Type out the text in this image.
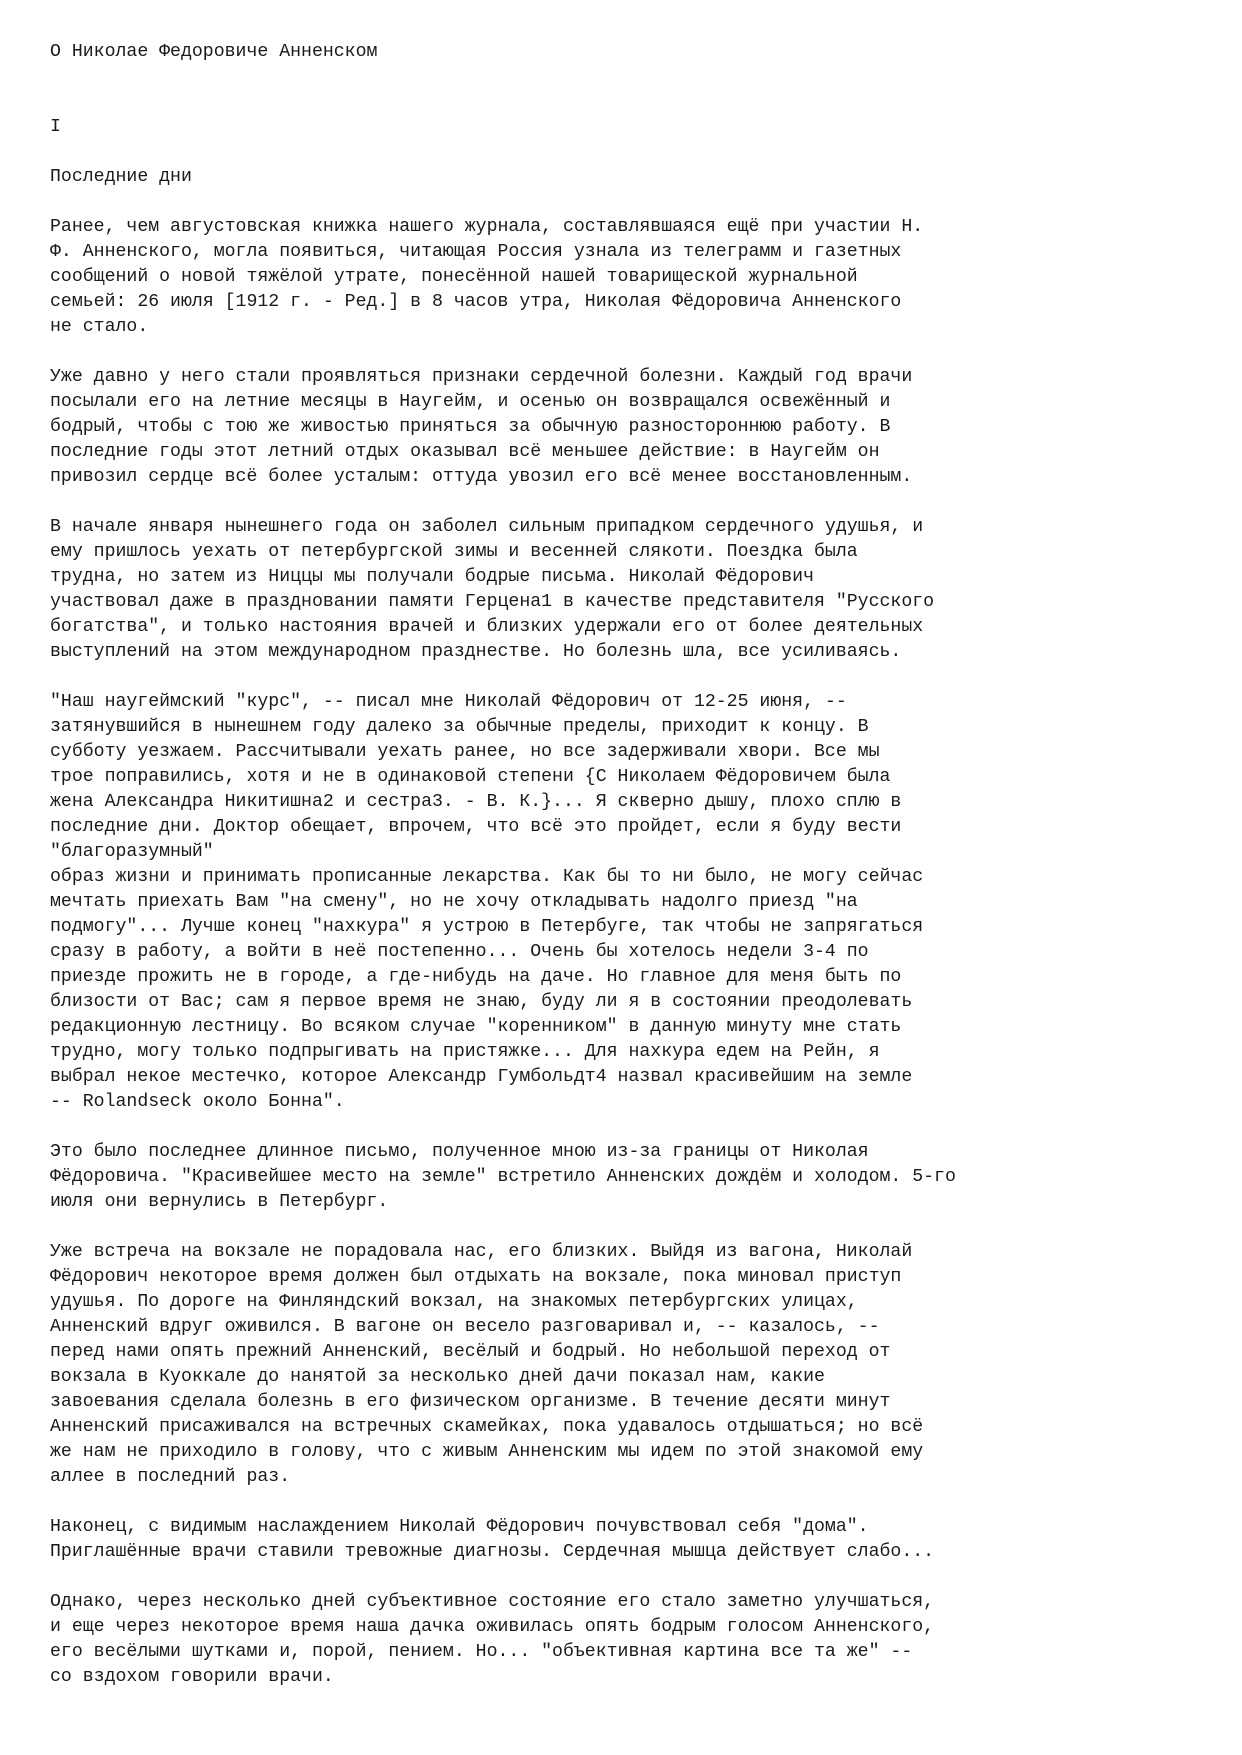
О Николае Федоровиче Анненском
I
Последние дни
Ранее, чем августовская книжка нашего журнала, составлявшаяся ещё при участии Н.
Ф. Анненского, могла появиться, читающая Россия узнала из телеграмм и газетных
сообщений о новой тяжёлой утрате, понесённой нашей товарищеской журнальной
семьей: 26 июля [1912 г. - Ред.] в 8 часов утра, Николая Фёдоровича Анненского
не стало.
Уже давно у него стали проявляться признаки сердечной болезни. Каждый год врачи
посылали его на летние месяцы в Наугейм, и осенью он возвращался освежённый и
бодрый, чтобы с тою же живостью приняться за обычную разностороннюю работу. В
последние годы этот летний отдых оказывал всё меньшее действие: в Наугейм он
привозил сердце всё более усталым: оттуда увозил его всё менее восстановленным.
В начале января нынешнего года он заболел сильным припадком сердечного удушья, и
ему пришлось уехать от петербургской зимы и весенней слякоти. Поездка была
трудна, но затем из Ниццы мы получали бодрые письма. Николай Фёдорович
участвовал даже в праздновании памяти Герцена1 в качестве представителя "Русского
богатства", и только настояния врачей и близких удержали его от более деятельных
выступлений на этом международном празднестве. Но болезнь шла, все усиливаясь.
"Наш наугеймский "курс", -- писал мне Николай Фёдорович от 12-25 июня, --
затянувшийся в нынешнем году далеко за обычные пределы, приходит к концу. В
субботу уезжаем. Рассчитывали уехать ранее, но все задерживали хвори. Все мы
трое поправились, хотя и не в одинаковой степени {С Николаем Фёдоровичем была
жена Александра Никитишна2 и сестра3. - В. К.}... Я скверно дышу, плохо сплю в
последние дни. Доктор обещает, впрочем, что всё это пройдет, если я буду вести
"благоразумный"
образ жизни и принимать прописанные лекарства. Как бы то ни было, не могу сейчас
мечтать приехать Вам "на смену", но не хочу откладывать надолго приезд "на
подмогу"... Лучше конец "нахкура" я устрою в Петербуге, так чтобы не запрягаться
сразу в работу, а войти в неё постепенно... Очень бы хотелось недели 3-4 по
приезде прожить не в городе, а где-нибудь на даче. Но главное для меня быть по
близости от Вас; сам я первое время не знаю, буду ли я в состоянии преодолевать
редакционную лестницу. Во всяком случае "коренником" в данную минуту мне стать
трудно, могу только подпрыгивать на пристяжке... Для нахкура едем на Рейн, я
выбрал некое местечко, которое Александр Гумбольдт4 назвал красивейшим на земле
-- Rolandseck около Бонна".
Это было последнее длинное письмо, полученное мною из-за границы от Николая
Фёдоровича. "Красивейшее место на земле" встретило Анненских дождём и холодом. 5-го
июля они вернулись в Петербург.
Уже встреча на вокзале не порадовала нас, его близких. Выйдя из вагона, Николай
Фёдорович некоторое время должен был отдыхать на вокзале, пока миновал приступ
удушья. По дороге на Финляндский вокзал, на знакомых петербургских улицах,
Анненский вдруг оживился. В вагоне он весело разговаривал и, -- казалось, --
перед нами опять прежний Анненский, весёлый и бодрый. Но небольшой переход от
вокзала в Куоккале до нанятой за несколько дней дачи показал нам, какие
завоевания сделала болезнь в его физическом организме. В течение десяти минут
Анненский присаживался на встречных скамейках, пока удавалось отдышаться; но всё
же нам не приходило в голову, что с живым Анненским мы идем по этой знакомой ему
аллее в последний раз.
Наконец, с видимым наслаждением Николай Фёдорович почувствовал себя "дома".
Приглашённые врачи ставили тревожные диагнозы. Сердечная мышца действует слабо...
Однако, через несколько дней субъективное состояние его стало заметно улучшаться,
и еще через некоторое время наша дачка оживилась опять бодрым голосом Анненского,
его весёлыми шутками и, порой, пением. Но... "объективная картина все та же" --
со вздохом говорили врачи.
